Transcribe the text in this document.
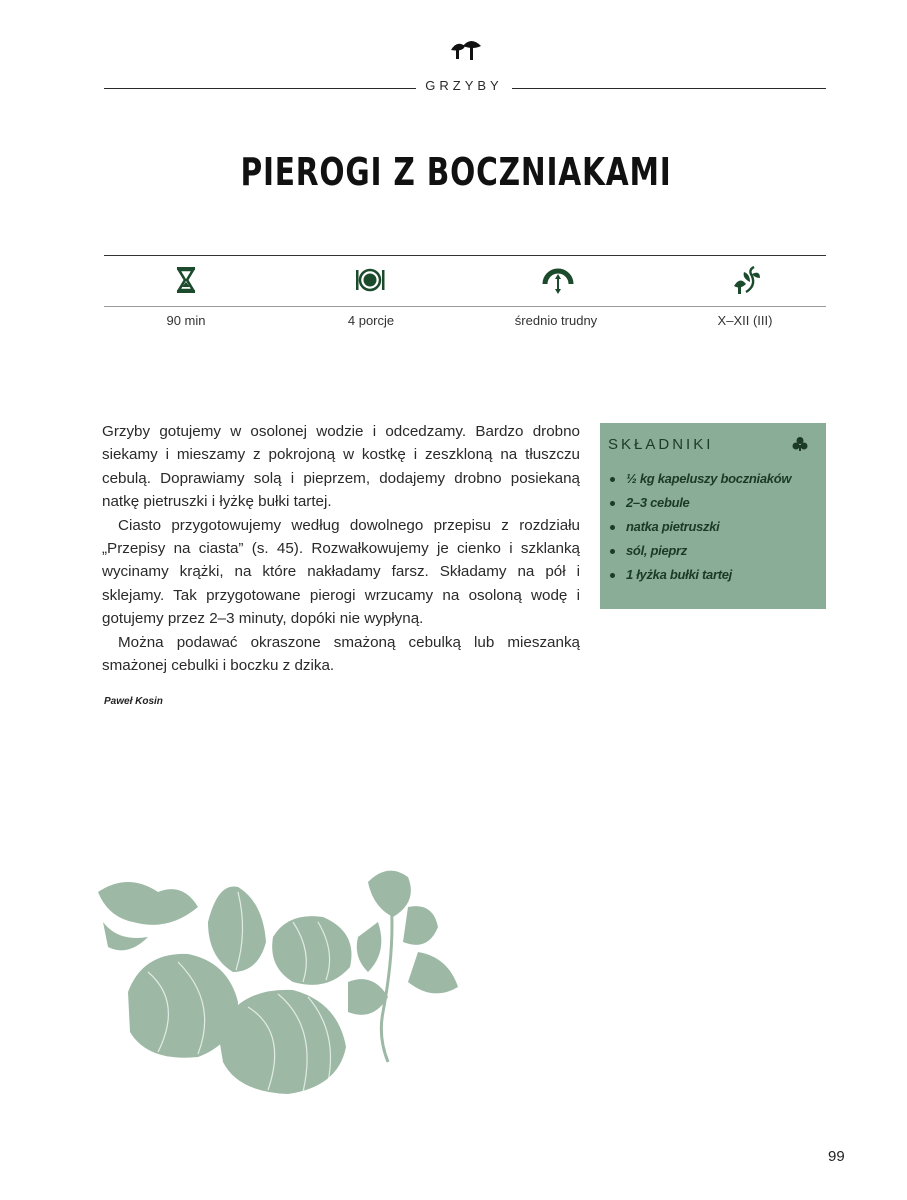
GRZYBY
PIEROGI Z BOCZNIAKAMI
90 min	4 porcje	średnio trudny	X–XII (III)

Grzyby gotujemy w osolonej wodzie i odcedzamy. Bardzo drobno siekamy i mieszamy z pokrojoną w kostkę i zeszkloną na tłuszczu cebulą. Doprawiamy solą i pieprzem, dodajemy drobno posiekaną natkę pietruszki i łyżkę bułki tartej.

Ciasto przygotowujemy według dowolnego przepisu z rozdziału „Przepisy na ciasta” (s. 45). Rozwałkowujemy je cienko i szklanką wycinamy krążki, na które nakładamy farsz. Składamy na pół i sklejamy. Tak przygotowane pierogi wrzucamy na osoloną wodę i gotujemy przez 2–3 minuty, dopóki nie wypłyną.

Można podawać okraszone smażoną cebulką lub mieszanką smażonej cebulki i boczku z dzika.

Paweł Kosin
SKŁADNIKI
½ kg kapeluszy boczniaków
2–3 cebule
natka pietruszki
sól, pieprz
1 łyżka bułki tartej
wedlinydomowe.pl	99
